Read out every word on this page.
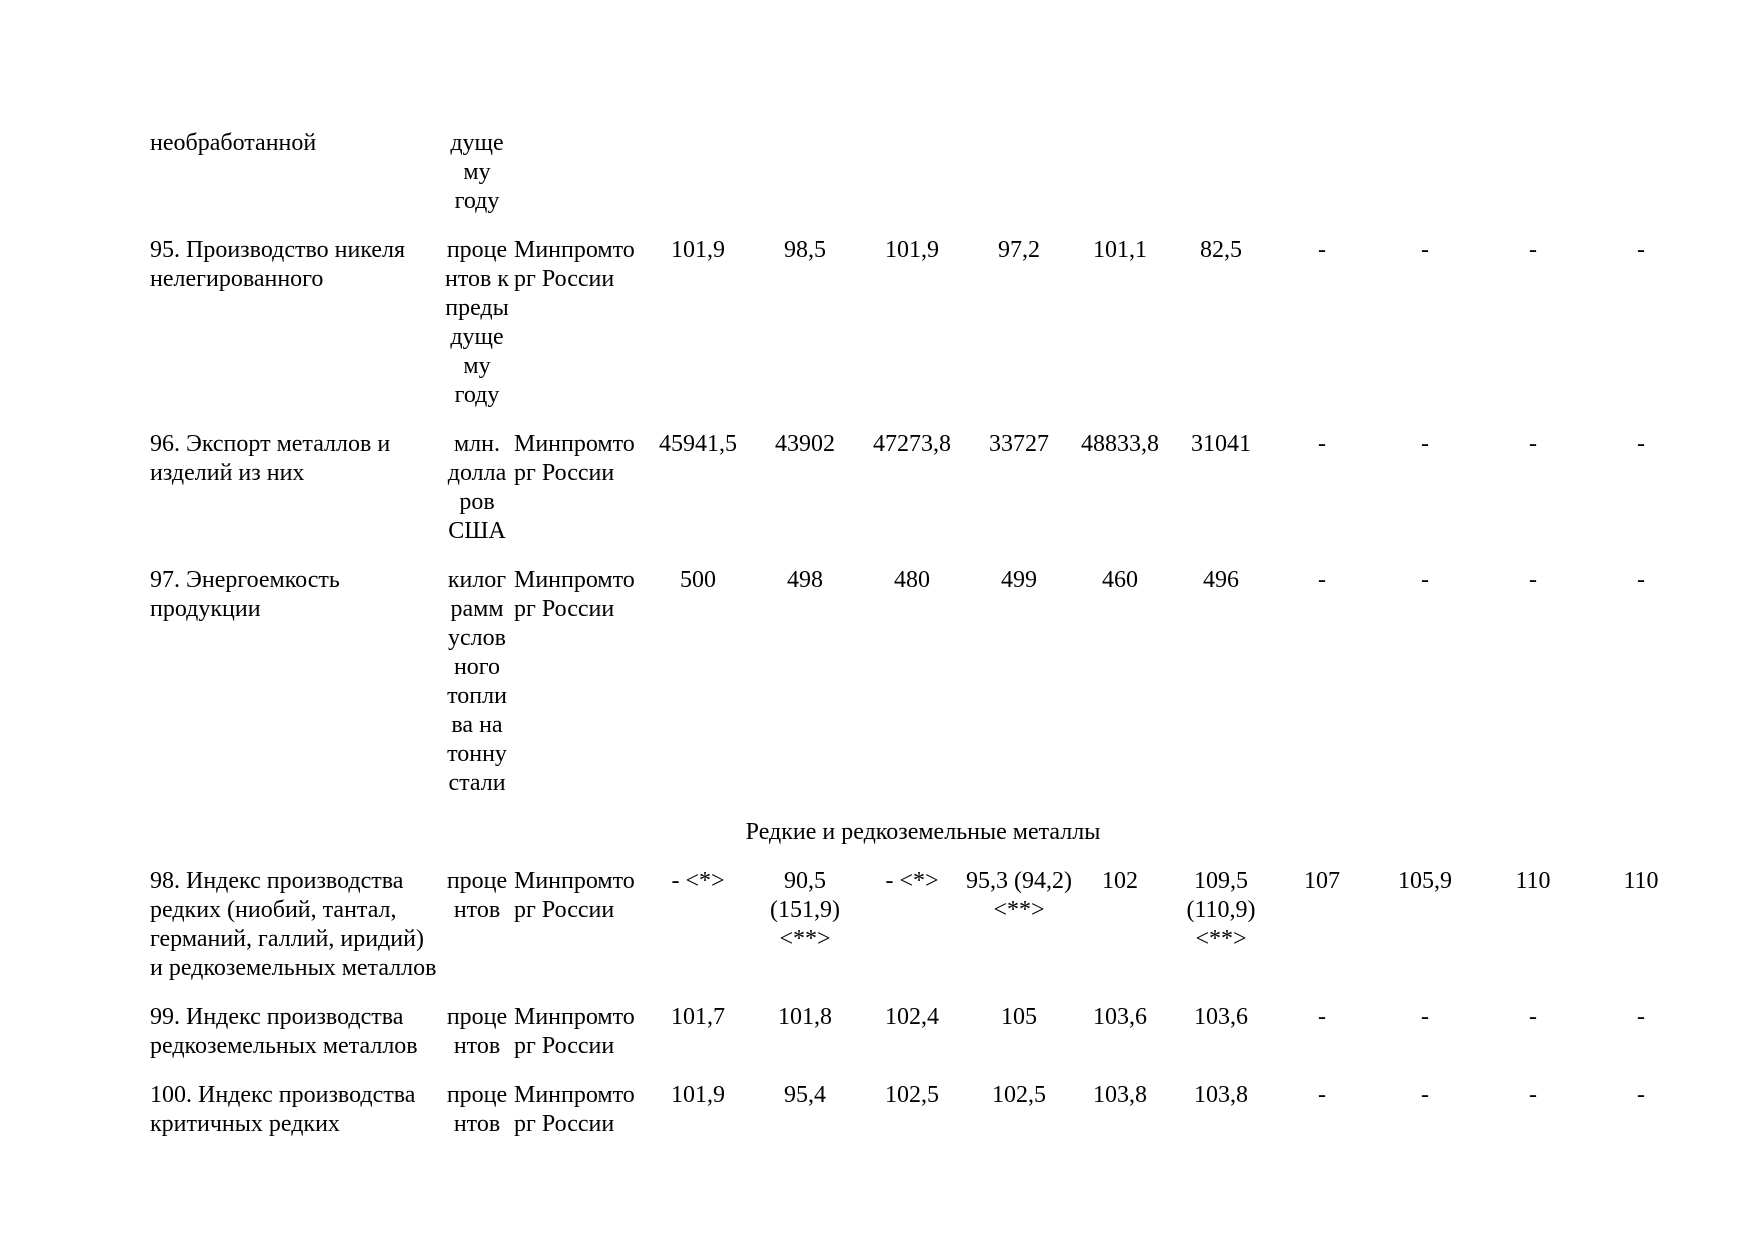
необработанной	дуще му году											
95. Производство никеля нелегированного	проце нтов к преды дуще му году	Минпромто рг России	101,9	98,5	101,9	97,2	101,1	82,5	-	-	-	-
96. Экспорт металлов и изделий из них	млн. долла ров США	Минпромто рг России	45941,5	43902	47273,8	33727	48833,8	31041	-	-	-	-
97. Энергоемкость продукции	килог рамм услов ного топли ва на тонну стали	Минпромто рг России	500	498	480	499	460	496	-	-	-	-
Редкие и редкоземельные металлы												
98. Индекс производства редких (ниобий, тантал, германий, галлий, иридий) и редкоземельных металлов	проце нтов	Минпромто рг России	- <*>	90,5 (151,9) <**>	- <*>	95,3 (94,2) <**>	102	109,5 (110,9) <**>	107	105,9	110	110
99. Индекс производства редкоземельных металлов	проце нтов	Минпромто рг России	101,7	101,8	102,4	105	103,6	103,6	-	-	-	-
100. Индекс производства критичных редких	проце нтов	Минпромто рг России	101,9	95,4	102,5	102,5	103,8	103,8	-	-	-	-
